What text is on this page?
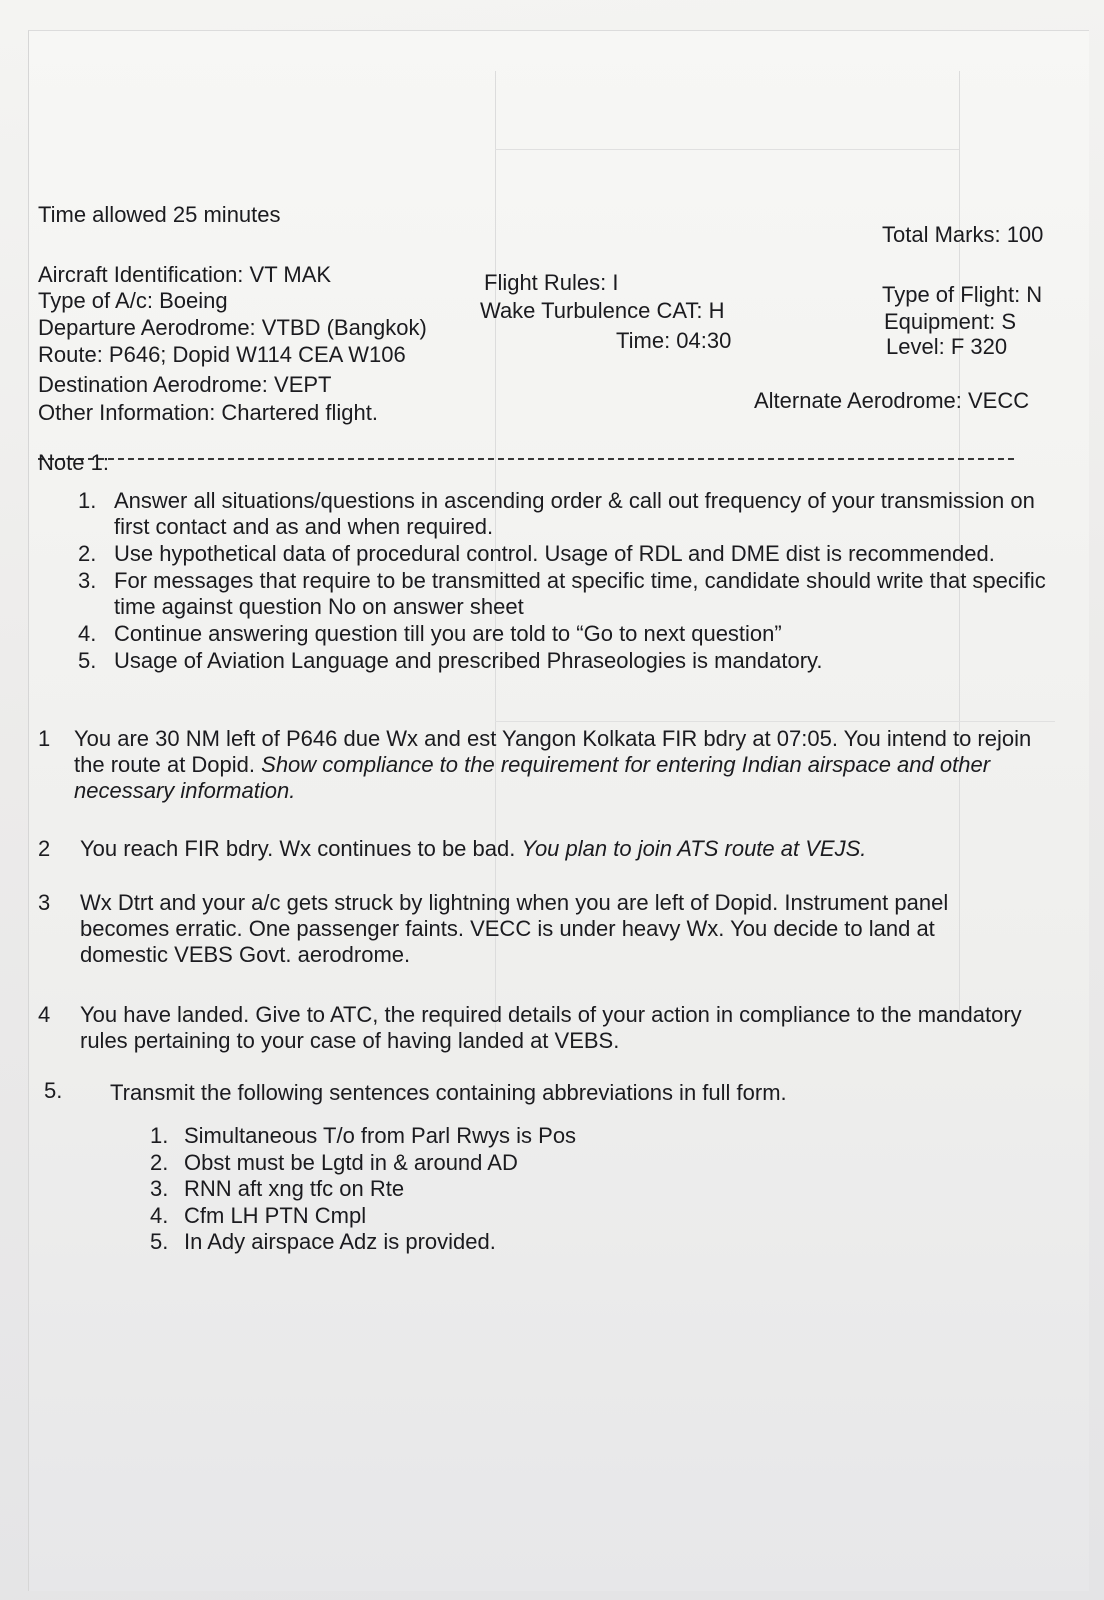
Time allowed 25 minutes
Total Marks: 100
Aircraft Identification: VT MAK
Type of A/c: Boeing
Departure Aerodrome: VTBD (Bangkok)
Route: P646; Dopid W114 CEA W106
Destination Aerodrome: VEPT
Other Information: Chartered flight.
Flight Rules: I
Wake Turbulence CAT: H
Time: 04:30
Type of Flight: N
Equipment: S
Level: F 320
Alternate Aerodrome: VECC
Note 1:
1. Answer all situations/questions in ascending order & call out frequency of your transmission on first contact and as and when required.
2. Use hypothetical data of procedural control. Usage of RDL and DME dist is recommended.
3. For messages that require to be transmitted at specific time, candidate should write that specific time against question No on answer sheet
4. Continue answering question till you are told to “Go to next question”
5. Usage of Aviation Language and prescribed Phraseologies is mandatory.
1 You are 30 NM left of P646 due Wx and est Yangon Kolkata FIR bdry at 07:05. You intend to rejoin the route at Dopid. Show compliance to the requirement for entering Indian airspace and other necessary information.
2 You reach FIR bdry. Wx continues to be bad. You plan to join ATS route at VEJS.
3 Wx Dtrt and your a/c gets struck by lightning when you are left of Dopid. Instrument panel becomes erratic. One passenger faints. VECC is under heavy Wx. You decide to land at domestic VEBS Govt. aerodrome.
4 You have landed. Give to ATC, the required details of your action in compliance to the mandatory rules pertaining to your case of having landed at VEBS.
5. Transmit the following sentences containing abbreviations in full form.
1. Simultaneous T/o from Parl Rwys is Pos
2. Obst must be Lgtd in & around AD
3. RNN aft xng tfc on Rte
4. Cfm LH PTN Cmpl
5. In Ady airspace Adz is provided.
